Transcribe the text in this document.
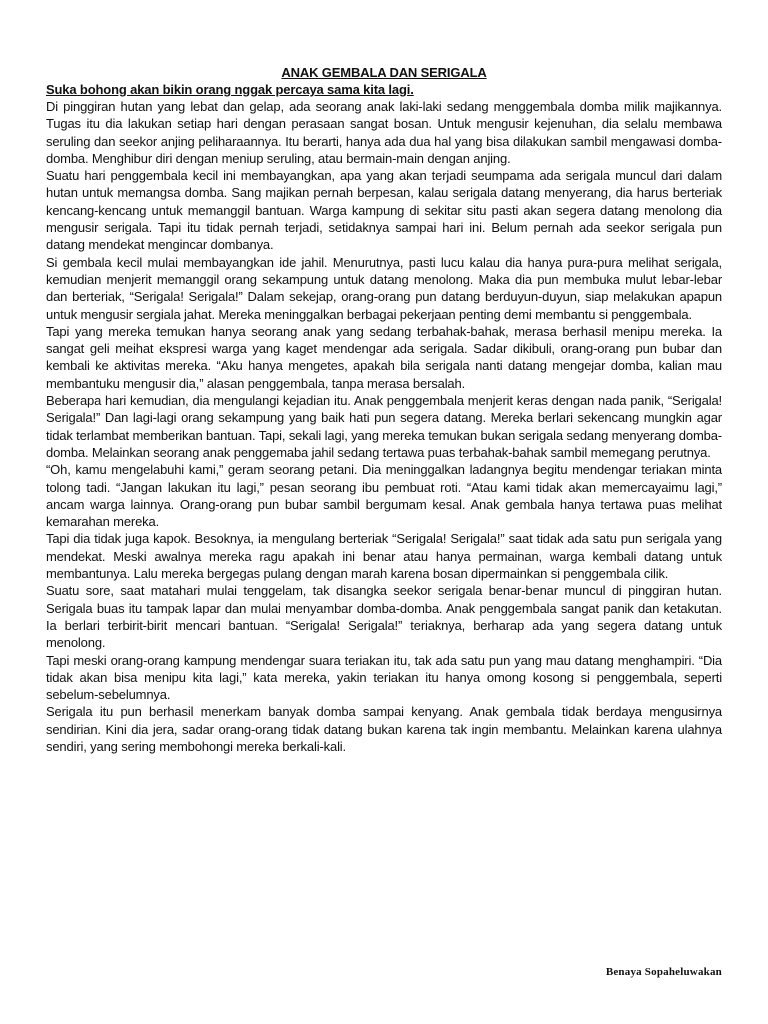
ANAK GEMBALA DAN SERIGALA

Suka bohong akan bikin orang nggak percaya sama kita lagi.

Di pinggiran hutan yang lebat dan gelap, ada seorang anak laki-laki sedang menggembala domba milik majikannya. Tugas itu dia lakukan setiap hari dengan perasaan sangat bosan. Untuk mengusir kejenuhan, dia selalu membawa seruling dan seekor anjing peliharaannya. Itu berarti, hanya ada dua hal yang bisa dilakukan sambil mengawasi domba-domba. Menghibur diri dengan meniup seruling, atau bermain-main dengan anjing.

Suatu hari penggembala kecil ini membayangkan, apa yang akan terjadi seumpama ada serigala muncul dari dalam hutan untuk memangsa domba. Sang majikan pernah berpesan, kalau serigala datang menyerang, dia harus berteriak kencang-kencang untuk memanggil bantuan. Warga kampung di sekitar situ pasti akan segera datang menolong dia mengusir serigala. Tapi itu tidak pernah terjadi, setidaknya sampai hari ini. Belum pernah ada seekor serigala pun datang mendekat mengincar dombanya.

Si gembala kecil mulai membayangkan ide jahil. Menurutnya, pasti lucu kalau dia hanya pura-pura melihat serigala, kemudian menjerit memanggil orang sekampung untuk datang menolong. Maka dia pun membuka mulut lebar-lebar dan berteriak, “Serigala! Serigala!” Dalam sekejap, orang-orang pun datang berduyun-duyun, siap melakukan apapun untuk mengusir sergiala jahat. Mereka meninggalkan berbagai pekerjaan penting demi membantu si penggembala.

Tapi yang mereka temukan hanya seorang anak yang sedang terbahak-bahak, merasa berhasil menipu mereka. Ia sangat geli meihat ekspresi warga yang kaget mendengar ada serigala. Sadar dikibuli, orang-orang pun bubar dan kembali ke aktivitas mereka. “Aku hanya mengetes, apakah bila serigala nanti datang mengejar domba, kalian mau membantuku mengusir dia,” alasan penggembala, tanpa merasa bersalah.

Beberapa hari kemudian, dia mengulangi kejadian itu. Anak penggembala menjerit keras dengan nada panik, “Serigala! Serigala!” Dan lagi-lagi orang sekampung yang baik hati pun segera datang. Mereka berlari sekencang mungkin agar tidak terlambat memberikan bantuan. Tapi, sekali lagi, yang mereka temukan bukan serigala sedang menyerang domba-domba. Melainkan seorang anak penggemaba jahil sedang tertawa puas terbahak-bahak sambil memegang perutnya.

“Oh, kamu mengelabuhi kami,” geram seorang petani. Dia meninggalkan ladangnya begitu mendengar teriakan minta tolong tadi. “Jangan lakukan itu lagi,” pesan seorang ibu pembuat roti. “Atau kami tidak akan memercayaimu lagi,” ancam warga lainnya. Orang-orang pun bubar sambil bergumam kesal. Anak gembala hanya tertawa puas melihat kemarahan mereka.

Tapi dia tidak juga kapok. Besoknya, ia mengulang berteriak “Serigala! Serigala!” saat tidak ada satu pun serigala yang mendekat. Meski awalnya mereka ragu apakah ini benar atau hanya permainan, warga kembali datang untuk membantunya. Lalu mereka bergegas pulang dengan marah karena bosan dipermainkan si penggembala cilik.

Suatu sore, saat matahari mulai tenggelam, tak disangka seekor serigala benar-benar muncul di pinggiran hutan. Serigala buas itu tampak lapar dan mulai menyambar domba-domba. Anak penggembala sangat panik dan ketakutan. Ia berlari terbirit-birit mencari bantuan. “Serigala! Serigala!” teriaknya, berharap ada yang segera datang untuk menolong.

Tapi meski orang-orang kampung mendengar suara teriakan itu, tak ada satu pun yang mau datang menghampiri. “Dia tidak akan bisa menipu kita lagi,” kata mereka, yakin teriakan itu hanya omong kosong si penggembala, seperti sebelum-sebelumnya.

Serigala itu pun berhasil menerkam banyak domba sampai kenyang. Anak gembala tidak berdaya mengusirnya sendirian. Kini dia jera, sadar orang-orang tidak datang bukan karena tak ingin membantu. Melainkan karena ulahnya sendiri, yang sering membohongi mereka berkali-kali.

Benaya Sopaheluwakan
